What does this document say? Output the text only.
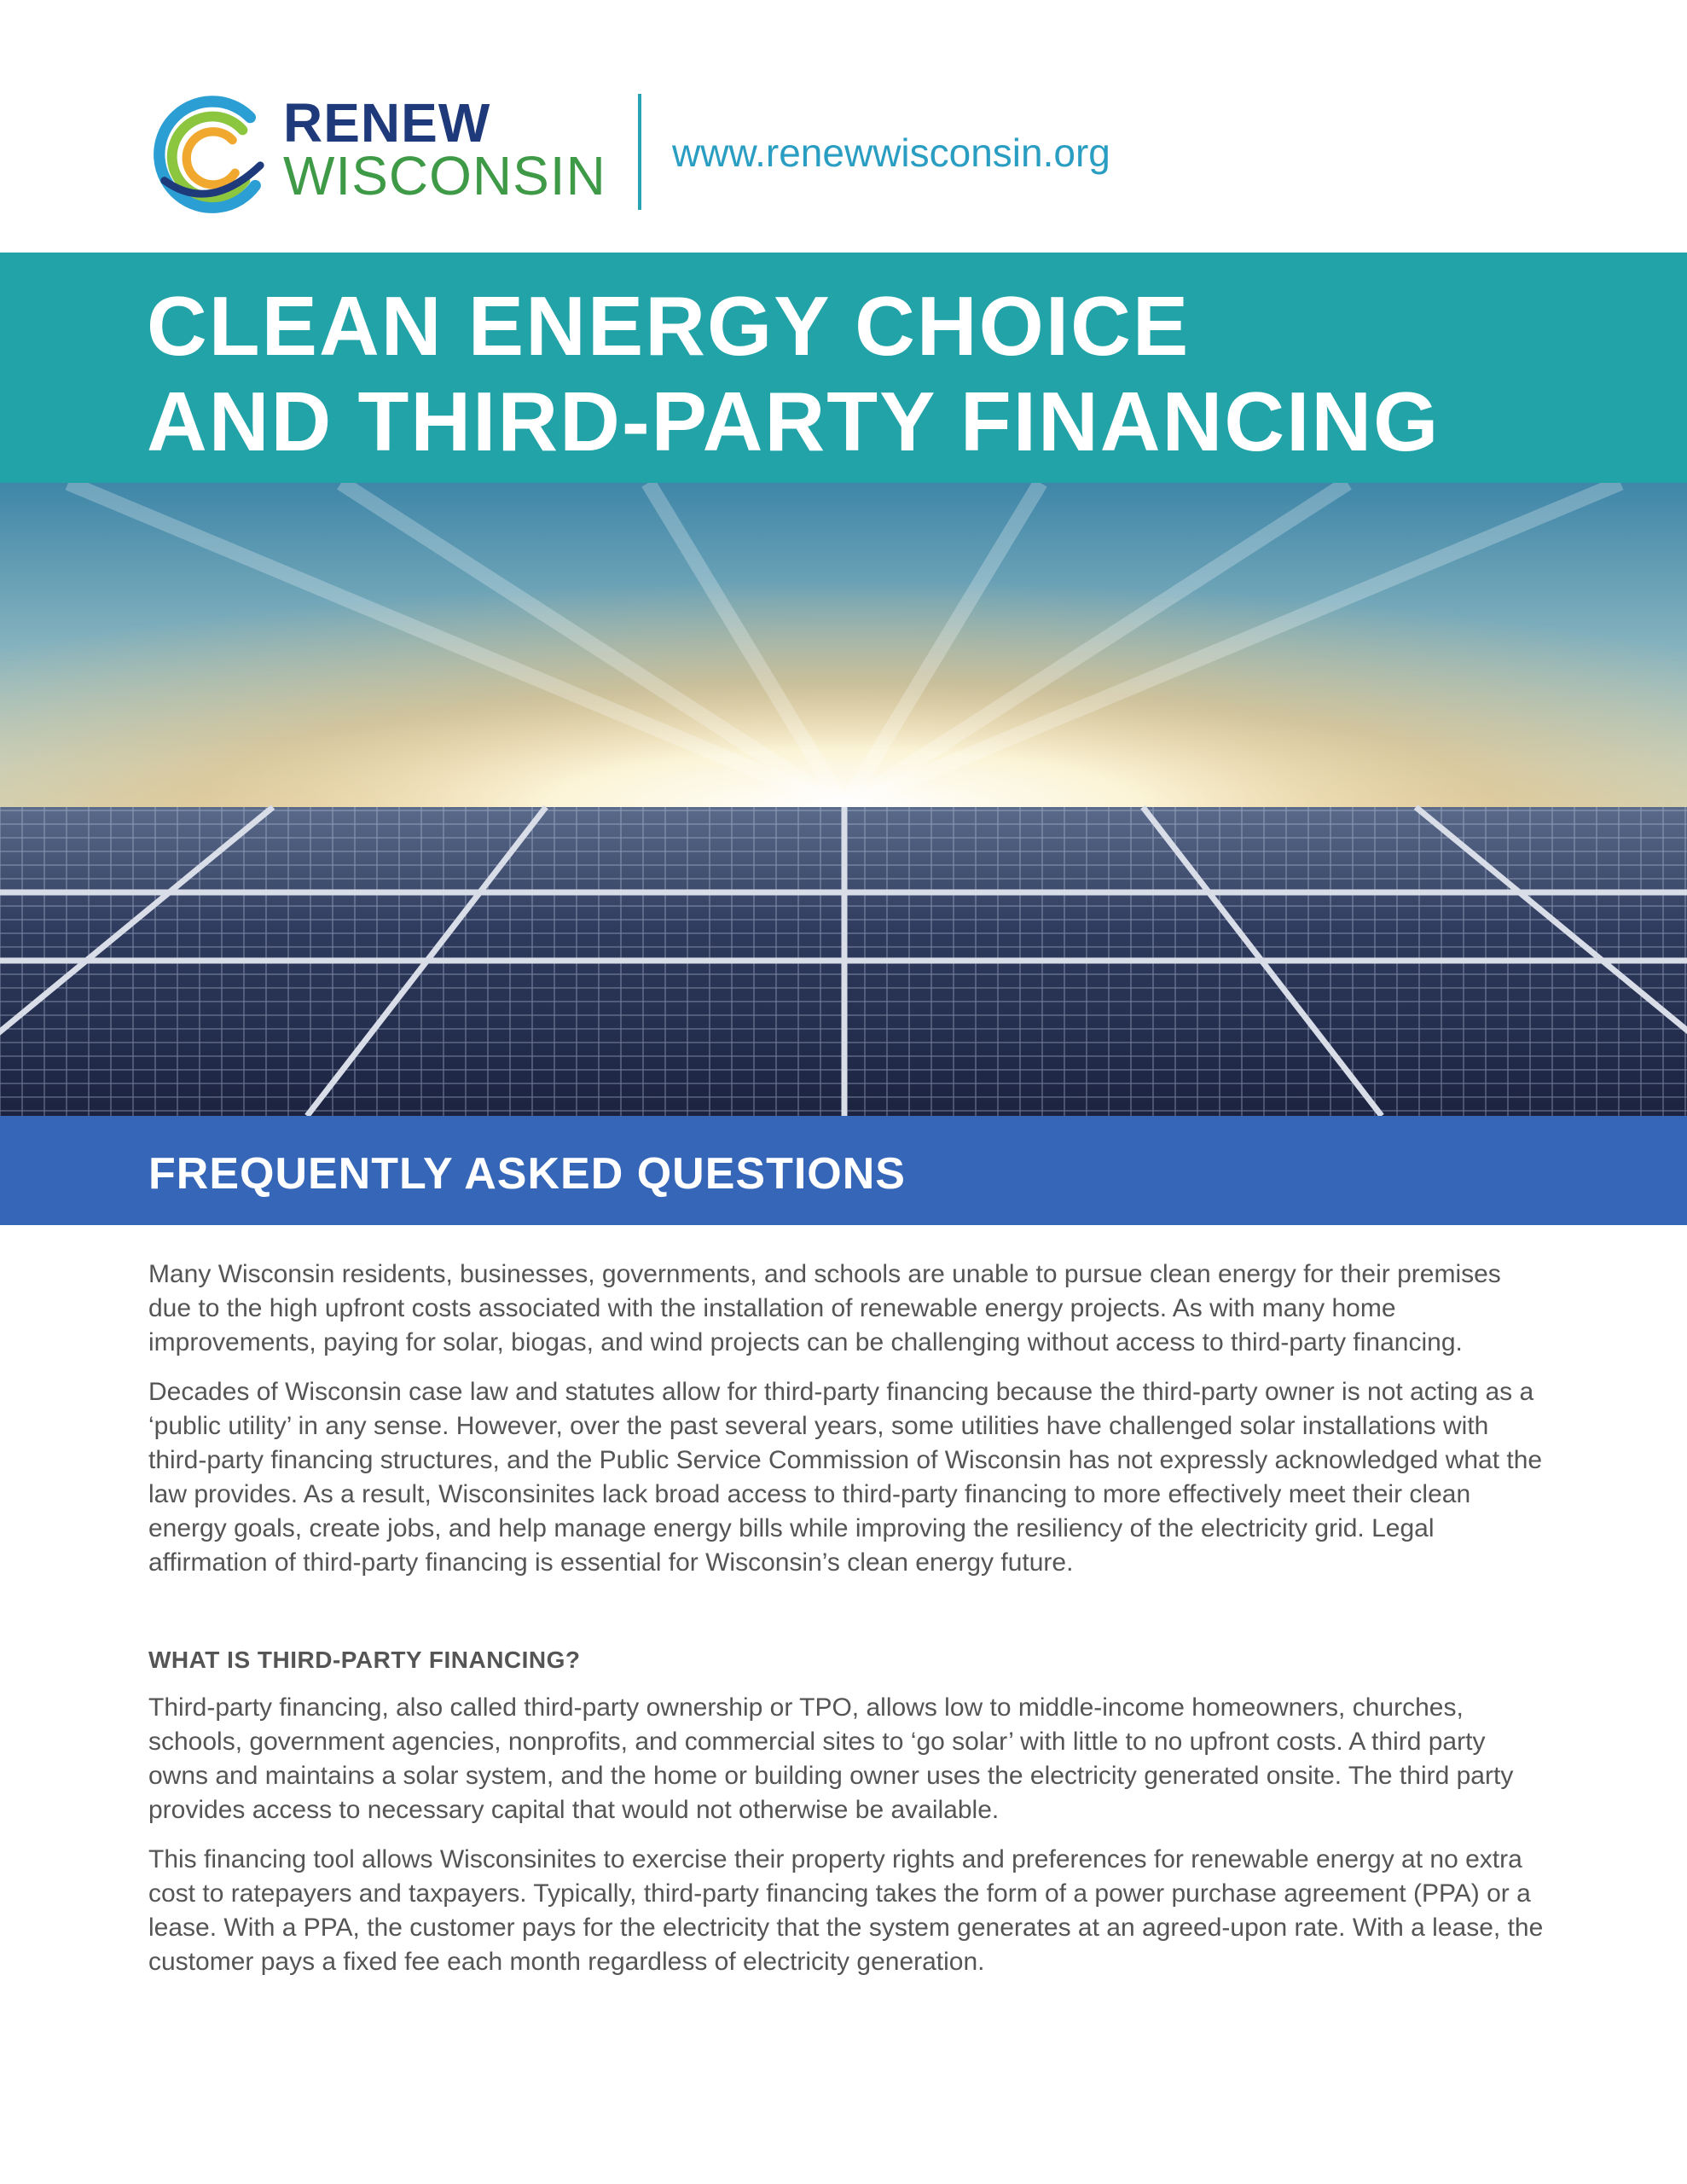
RENEW
WISCONSIN www.renewwisconsin.org
CLEAN ENERGY CHOICE
AND THIRD-PARTY FINANCING
FREQUENTLY ASKED QUESTIONS

Many Wisconsin residents, businesses, governments, and schools are unable to pursue clean energy for their premises due to the high upfront costs associated with the installation of renewable energy projects. As with many home improvements, paying for solar, biogas, and wind projects can be challenging without access to third-party financing.

Decades of Wisconsin case law and statutes allow for third-party financing because the third-party owner is not acting as a ‘public utility’ in any sense. However, over the past several years, some utilities have challenged solar installations with third-party financing structures, and the Public Service Commission of Wisconsin has not expressly acknowledged what the law provides. As a result, Wisconsinites lack broad access to third-party financing to more effectively meet their clean energy goals, create jobs, and help manage energy bills while improving the resiliency of the electricity grid. Legal affirmation of third-party financing is essential for Wisconsin’s clean energy future.

WHAT IS THIRD-PARTY FINANCING?

Third-party financing, also called third-party ownership or TPO, allows low to middle-income homeowners, churches, schools, government agencies, nonprofits, and commercial sites to ‘go solar’ with little to no upfront costs. A third party owns and maintains a solar system, and the home or building owner uses the electricity generated onsite. The third party provides access to necessary capital that would not otherwise be available.

This financing tool allows Wisconsinites to exercise their property rights and preferences for renewable energy at no extra cost to ratepayers and taxpayers. Typically, third-party financing takes the form of a power purchase agreement (PPA) or a lease. With a PPA, the customer pays for the electricity that the system generates at an agreed-upon rate. With a lease, the customer pays a fixed fee each month regardless of electricity generation.
